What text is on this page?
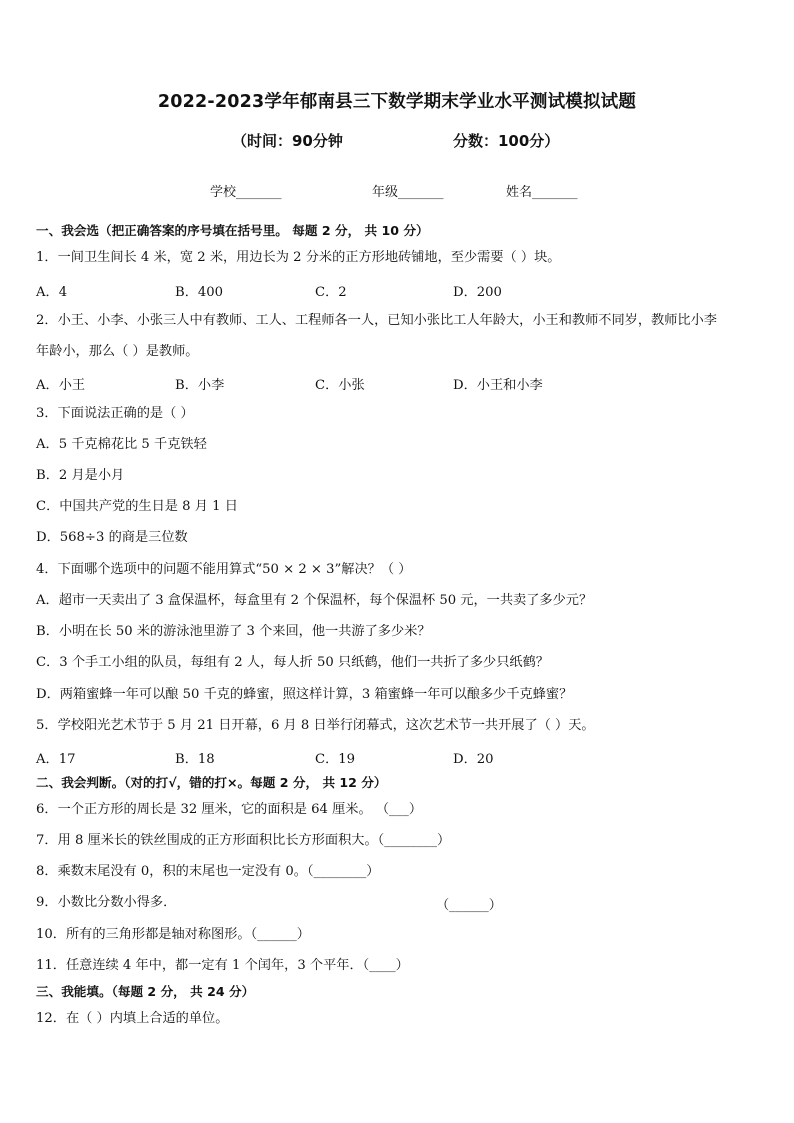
2022-2023学年郁南县三下数学期末学业水平测试模拟试题
（时间：90分钟	分数：100分）
学校_______	年级_______	姓名_______
一、我会选（把正确答案的序号填在括号里。 每题 2 分， 共 10 分）
1．一间卫生间长 4 米，宽 2 米，用边长为 2 分米的正方形地砖铺地，至少需要（ ）块。
A．4	B．400	C．2	D．200
2．小王、小李、小张三人中有教师、工人、工程师各一人，已知小张比工人年龄大，小王和教师不同岁，教师比小李
年龄小，那么（ ）是教师。
A．小王	B．小李	C．小张	D．小王和小李
3．下面说法正确的是（ ）
A．5 千克棉花比 5 千克铁轻
B．2 月是小月
C．中国共产党的生日是 8 月 1 日
D．568÷3 的商是三位数
4．下面哪个选项中的问题不能用算式“50 × 2 × 3”解决？（ ）
A．超市一天卖出了 3 盒保温杯，每盒里有 2 个保温杯，每个保温杯 50 元，一共卖了多少元？
B．小明在长 50 米的游泳池里游了 3 个来回，他一共游了多少米？
C．3 个手工小组的队员，每组有 2 人，每人折 50 只纸鹤，他们一共折了多少只纸鹤？
D．两箱蜜蜂一年可以酿 50 千克的蜂蜜，照这样计算，3 箱蜜蜂一年可以酿多少千克蜂蜜？
5．学校阳光艺术节于 5 月 21 日开幕，6 月 8 日举行闭幕式，这次艺术节一共开展了（ ）天。
A．17	B．18	C．19	D．20
二、我会判断。（对的打√，错的打×。每题 2 分， 共 12 分）
6．一个正方形的周长是 32 厘米，它的面积是 64 厘米。 （___）
7．用 8 厘米长的铁丝围成的正方形面积比长方形面积大。（________）
8．乘数末尾没有 0，积的末尾也一定没有 0。（________）
9．小数比分数小得多．	（______）
10．所有的三角形都是轴对称图形。（______）
11．任意连续 4 年中，都一定有 1 个闰年，3 个平年．（____）
三、我能填。（每题 2 分， 共 24 分）
12．在（ ）内填上合适的单位。
